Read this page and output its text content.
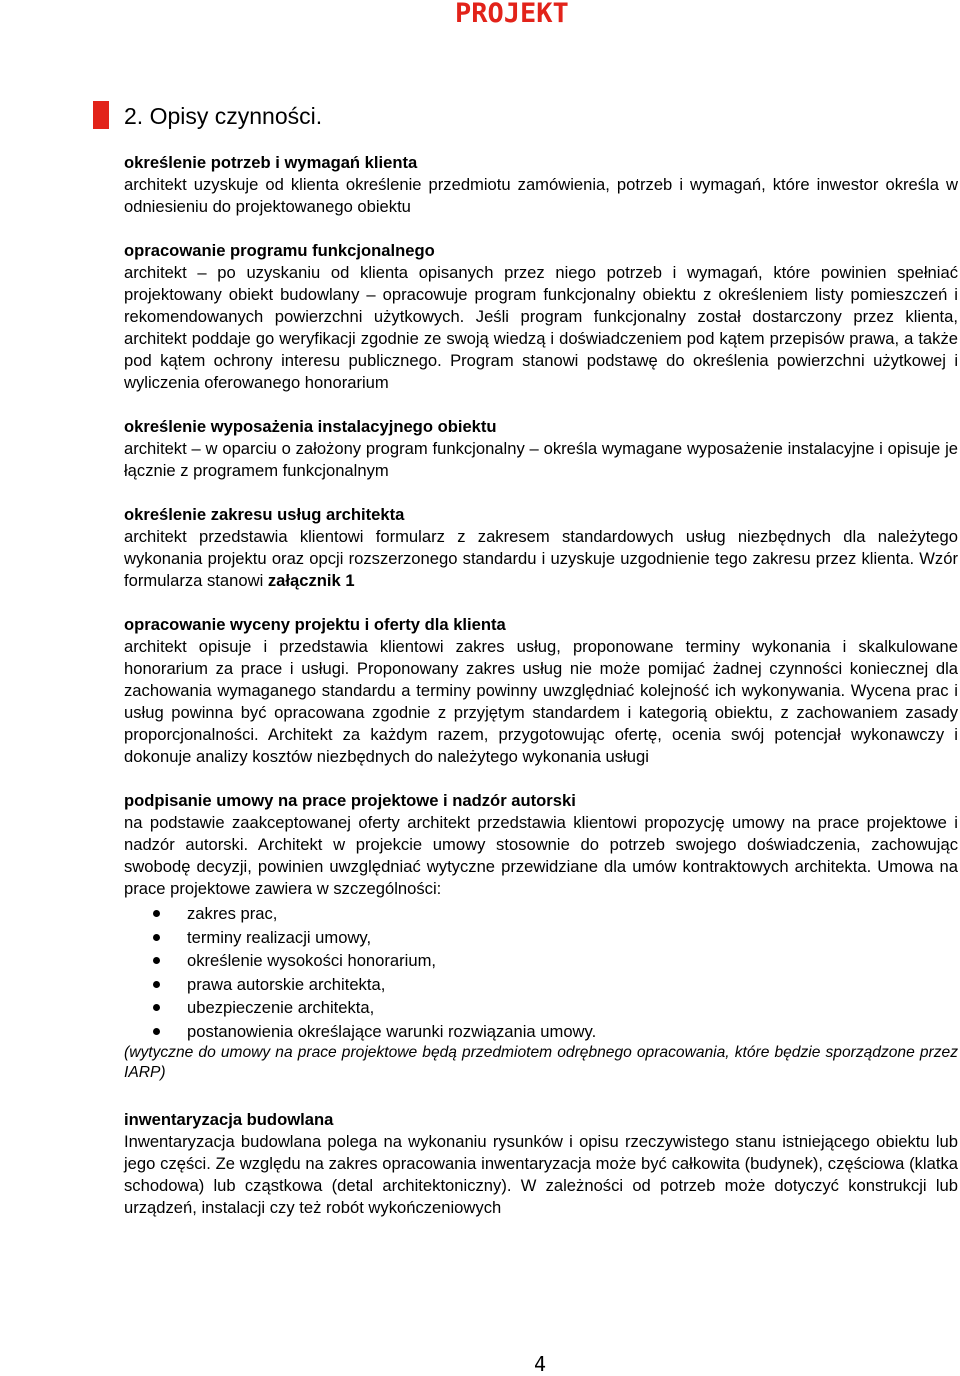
PROJEKT
2. Opisy czynności.
określenie potrzeb i wymagań klienta

architekt uzyskuje od klienta określenie przedmiotu zamówienia, potrzeb i wymagań, które inwestor określa w odniesieniu do projektowanego obiektu

opracowanie programu funkcjonalnego

architekt – po uzyskaniu od klienta opisanych przez niego potrzeb i wymagań, które powinien spełniać projektowany obiekt budowlany – opracowuje program funkcjonalny obiektu z określeniem listy pomieszczeń i rekomendowanych powierzchni użytkowych. Jeśli program funkcjonalny został dostarczony przez klienta, architekt poddaje go weryfikacji zgodnie ze swoją wiedzą i doświadczeniem pod kątem przepisów prawa, a także pod kątem ochrony interesu publicznego. Program stanowi podstawę do określenia powierzchni użytkowej i wyliczenia oferowanego honorarium

określenie wyposażenia instalacyjnego obiektu

architekt – w oparciu o założony program funkcjonalny – określa wymagane wyposażenie instalacyjne i opisuje je łącznie z programem funkcjonalnym

określenie zakresu usług architekta

architekt przedstawia klientowi formularz z zakresem standardowych usług niezbędnych dla należytego wykonania projektu oraz opcji rozszerzonego standardu i uzyskuje uzgodnienie tego zakresu przez klienta. Wzór formularza stanowi załącznik 1

opracowanie wyceny projektu i oferty dla klienta

architekt opisuje i przedstawia klientowi zakres usług, proponowane terminy wykonania i skalkulowane honorarium za prace i usługi. Proponowany zakres usług nie może pomijać żadnej czynności koniecznej dla zachowania wymaganego standardu a terminy powinny uwzględniać kolejność ich wykonywania. Wycena prac i usług powinna być opracowana zgodnie z przyjętym standardem i kategorią obiektu, z zachowaniem zasady proporcjonalności. Architekt za każdym razem, przygotowując ofertę, ocenia swój potencjał wykonawczy i dokonuje analizy kosztów niezbędnych do należytego wykonania usługi

podpisanie umowy na prace projektowe i nadzór autorski

na podstawie zaakceptowanej oferty architekt przedstawia klientowi propozycję umowy na prace projektowe i nadzór autorski. Architekt w projekcie umowy stosownie do potrzeb swojego doświadczenia, zachowując swobodę decyzji, powinien uwzględniać wytyczne przewidziane dla umów kontraktowych architekta. Umowa na prace projektowe zawiera w szczególności:

zakres prac,
terminy realizacji umowy,
określenie wysokości honorarium,
prawa autorskie architekta,
ubezpieczenie architekta,
postanowienia określające warunki rozwiązania umowy.

(wytyczne do umowy na prace projektowe będą przedmiotem odrębnego opracowania, które będzie sporządzone przez IARP)

inwentaryzacja budowlana

Inwentaryzacja budowlana polega na wykonaniu rysunków i opisu rzeczywistego stanu istniejącego obiektu lub jego części. Ze względu na zakres opracowania inwentaryzacja może być całkowita (budynek), częściowa (klatka schodowa) lub cząstkowa (detal architektoniczny). W zależności od potrzeb może dotyczyć konstrukcji lub urządzeń, instalacji czy też robót wykończeniowych

4
